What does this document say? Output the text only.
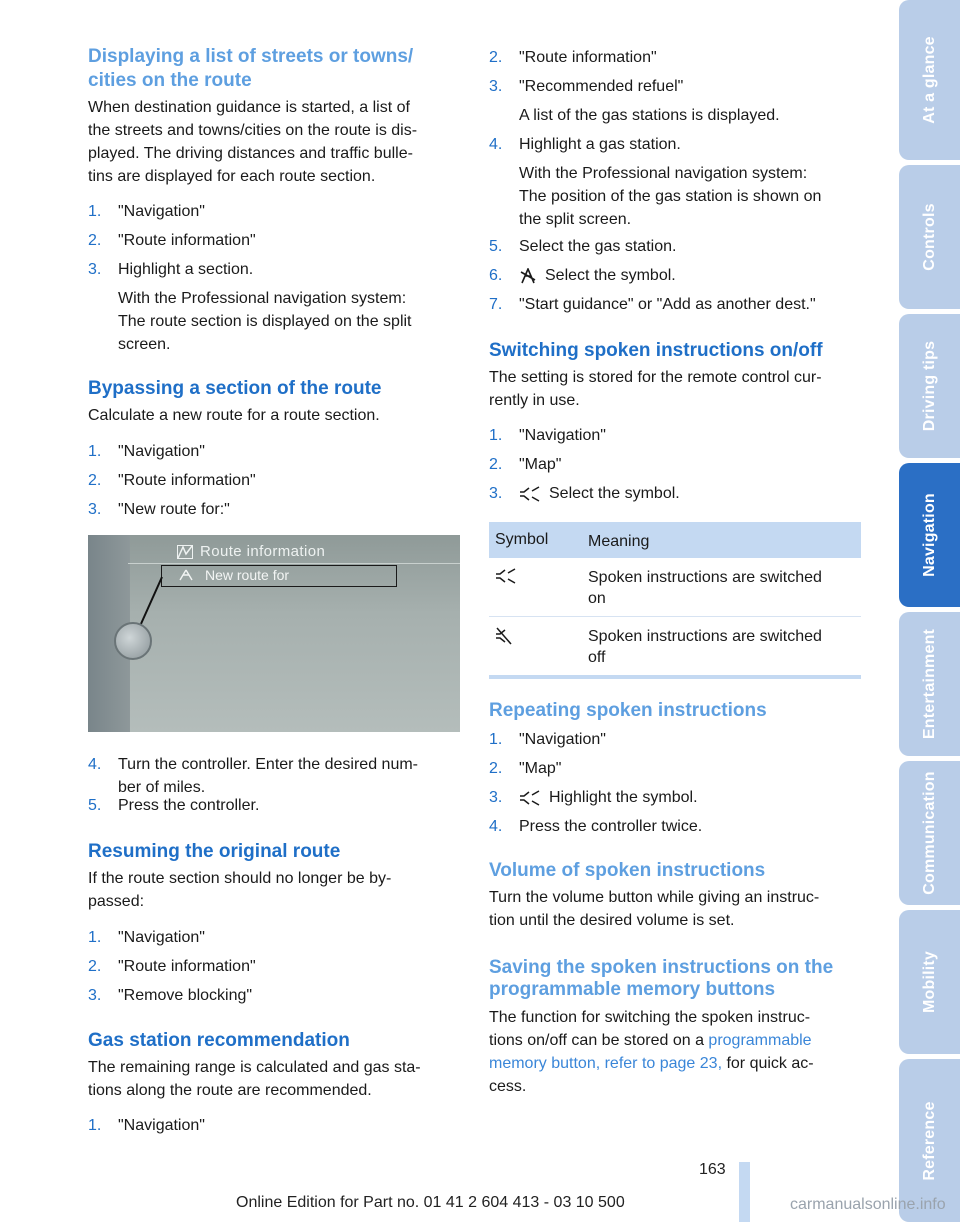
Displaying a list of streets or towns/
cities on the route
When destination guidance is started, a list of
the streets and towns/cities on the route is dis-
played. The driving distances and traffic bulle-
tins are displayed for each route section.
1. "Navigation"
2. "Route information"
3. Highlight a section.
With the Professional navigation system:
The route section is displayed on the split
screen.
Bypassing a section of the route
Calculate a new route for a route section.
1. "Navigation"
2. "Route information"
3. "New route for:"
Route information
New route for
4. Turn the controller. Enter the desired num-
ber of miles.
5. Press the controller.
Resuming the original route
If the route section should no longer be by-
passed:
1. "Navigation"
2. "Route information"
3. "Remove blocking"
Gas station recommendation
The remaining range is calculated and gas sta-
tions along the route are recommended.
1. "Navigation"
2. "Route information"
3. "Recommended refuel"
A list of the gas stations is displayed.
4. Highlight a gas station.
With the Professional navigation system:
The position of the gas station is shown on
the split screen.
5. Select the gas station.
6.	Select the symbol.
7. "Start guidance" or "Add as another dest."
Switching spoken instructions on/off
The setting is stored for the remote control cur-
rently in use.
1. "Navigation"
2. "Map"
3.	Select the symbol.
Symbol Meaning
Spoken instructions are switched
on
Spoken instructions are switched
off
Repeating spoken instructions
1. "Navigation"
2. "Map"
3.	Highlight the symbol.
4. Press the controller twice.
Volume of spoken instructions
Turn the volume button while giving an instruc-
tion until the desired volume is set.
Saving the spoken instructions on the
programmable memory buttons
The function for switching the spoken instruc-
tions on/off can be stored on a programmable
memory button, refer to page 23, for quick ac-
cess.
At a glance
Controls
Driving tips
Navigation
Entertainment
Communication
Mobility
Reference
163
Online Edition for Part no. 01 41 2 604 413 - 03 10 500	carmanualsonline.info
